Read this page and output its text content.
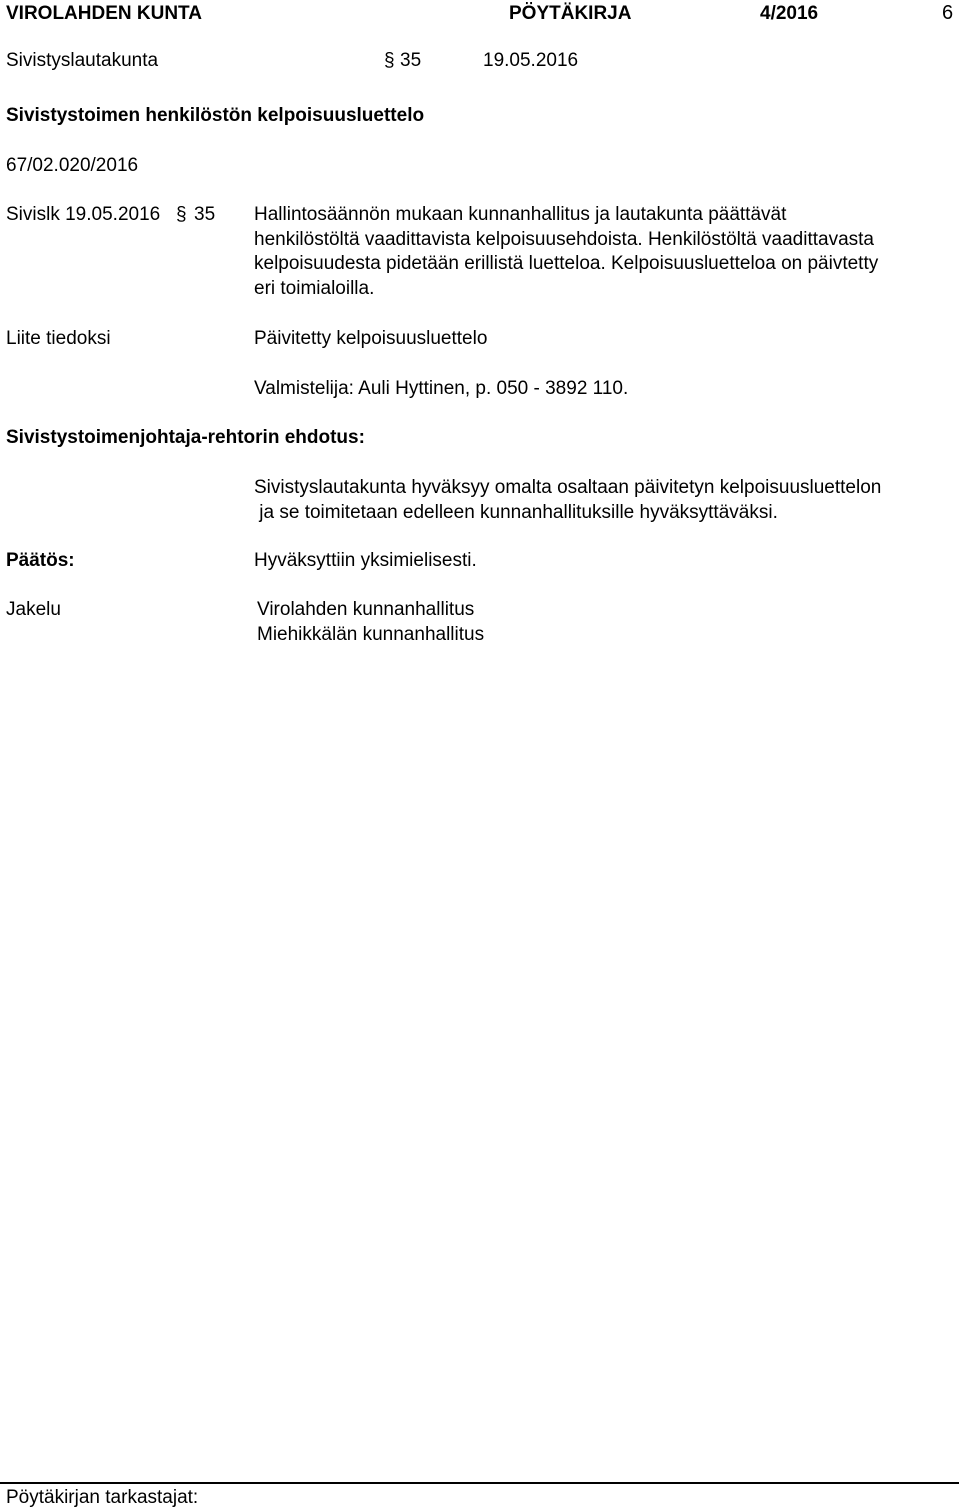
VIROLAHDEN KUNTA	PÖYTÄKIRJA	4/2016	6
Sivistyslautakunta	§ 35	19.05.2016
Sivistystoimen henkilöstön kelpoisuusluettelo
67/02.020/2016
Sivislk 19.05.2016 § 35 Hallintosäännön mukaan kunnanhallitus ja lautakunta päättävät
henkilöstöltä vaadittavista kelpoisuusehdoista. Henkilöstöltä vaadittavasta
kelpoisuudesta pidetään erillistä luetteloa. Kelpoisuusluetteloa on päivtetty
eri toimialoilla.
Liite tiedoksi	Päivitetty kelpoisuusluettelo
Valmistelija: Auli Hyttinen, p. 050 - 3892 110.
Sivistystoimenjohtaja-rehtorin ehdotus:
Sivistyslautakunta hyväksyy omalta osaltaan päivitetyn kelpoisuusluettelon
ja se toimitetaan edelleen kunnanhallituksille hyväksyttäväksi.
Päätös:	Hyväksyttiin yksimielisesti.
Jakelu	Virolahden kunnanhallitus
Miehikkälän kunnanhallitus
Pöytäkirjan tarkastajat:
